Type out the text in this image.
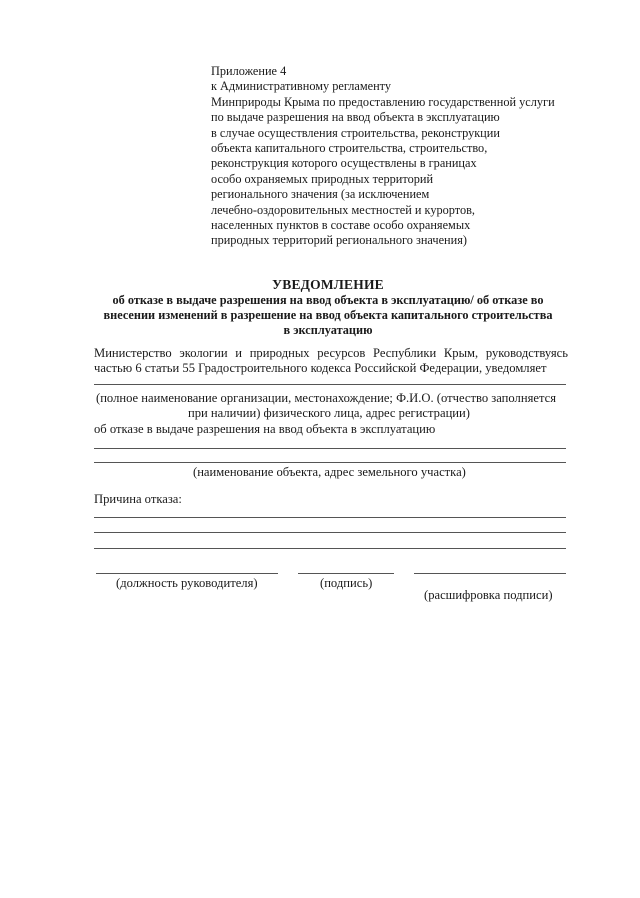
Приложение 4
к Административному регламенту
Минприроды Крыма по предоставлению государственной услуги
по выдаче разрешения на ввод объекта в эксплуатацию
в случае осуществления строительства, реконструкции
объекта капитального строительства, строительство,
реконструкция которого осуществлены в границах
особо охраняемых природных территорий
регионального значения (за исключением
лечебно-оздоровительных местностей и курортов,
населенных пунктов в составе особо охраняемых
природных территорий регионального значения)
УВЕДОМЛЕНИЕ
об отказе в выдаче разрешения на ввод объекта в эксплуатацию/ об отказе во
внесении изменений в разрешение на ввод объекта капитального строительства
в эксплуатацию
Министерство экологии и природных ресурсов Республики Крым, руководствуясь
частью 6 статьи 55 Градостроительного кодекса Российской Федерации, уведомляет
(полное наименование организации, местонахождение; Ф.И.О. (отчество заполняется
при наличии) физического лица, адрес регистрации)
об отказе в выдаче разрешения на ввод объекта в эксплуатацию
(наименование объекта, адрес земельного участка)
Причина отказа:
(должность руководителя)	(подпись)
(расшифровка подписи)
